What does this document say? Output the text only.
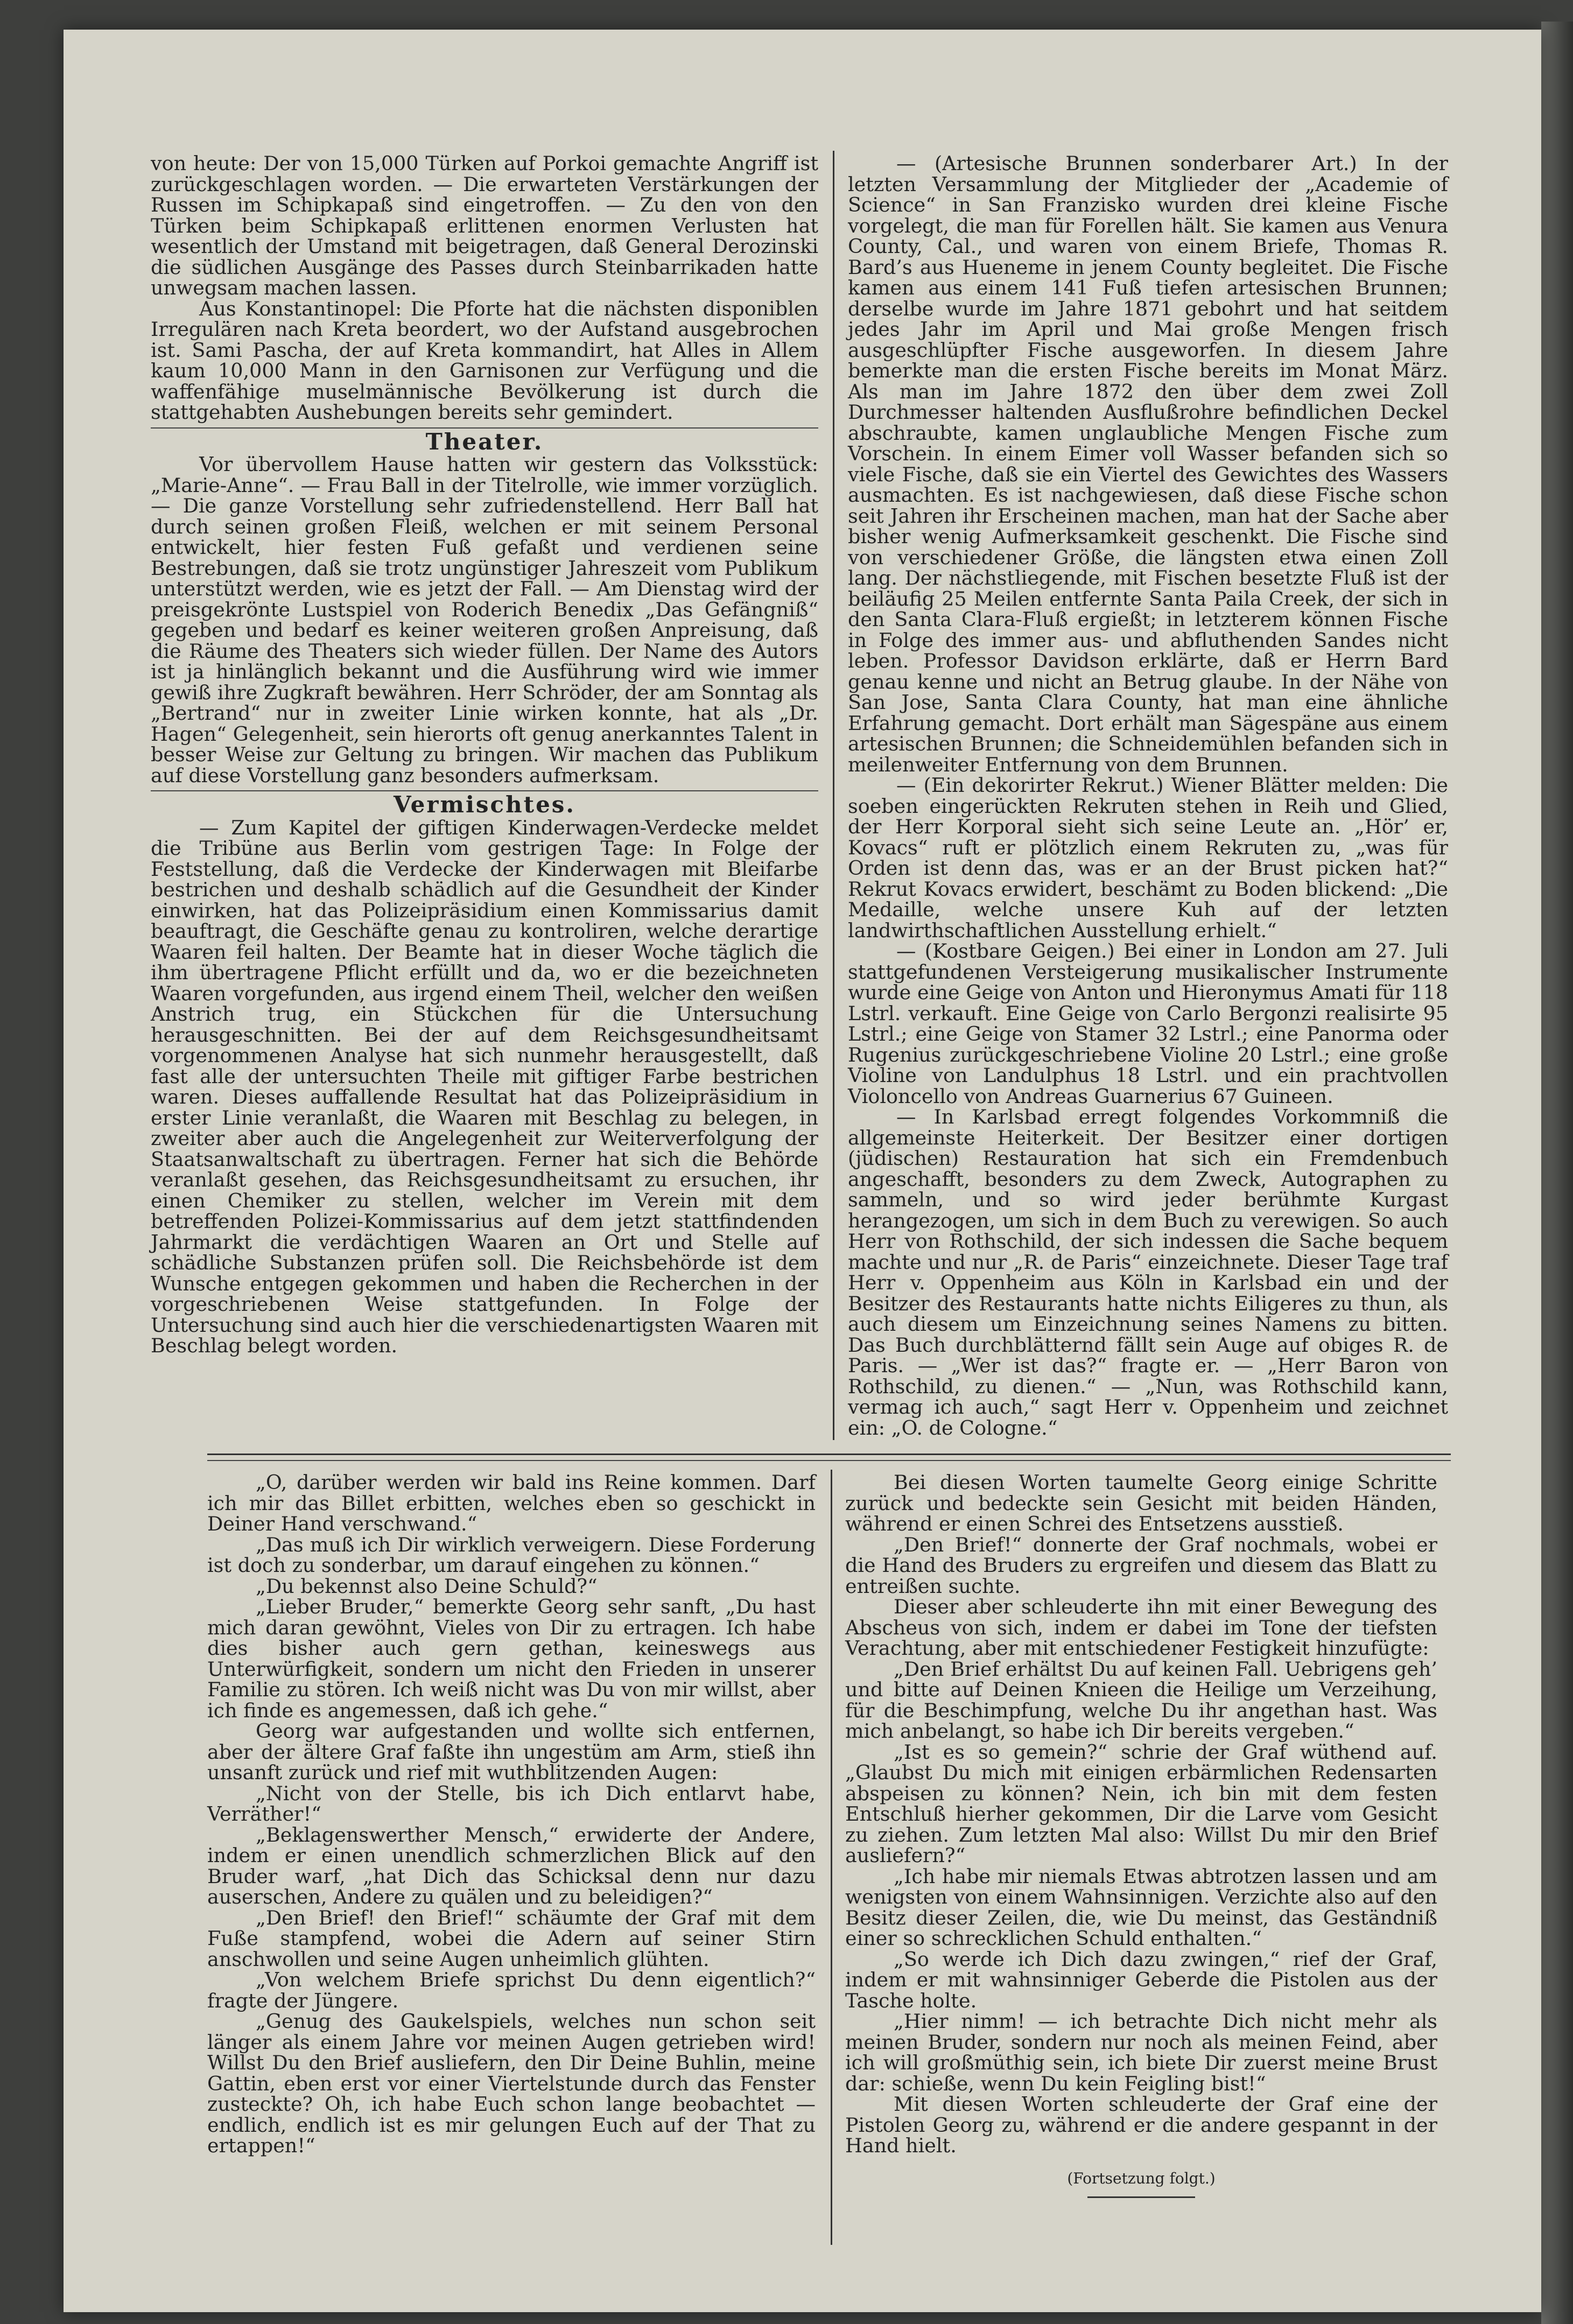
von heute: Der von 15,000 Türken auf Porkoi gemachte Angriff ist zurückgeschlagen worden. — Die erwarteten Verstärkungen der Russen im Schipkapaß sind eingetroffen. — Zu den von den Türken beim Schipkapaß erlittenen enormen Verlusten hat wesentlich der Umstand mit beigetragen, daß General Derozinski die südlichen Ausgänge des Passes durch Steinbarrikaden hatte unwegsam machen lassen.

Aus Konstantinopel: Die Pforte hat die nächsten disponiblen Irregulären nach Kreta beordert, wo der Aufstand ausgebrochen ist. Sami Pascha, der auf Kreta kommandirt, hat Alles in Allem kaum 10,000 Mann in den Garnisonen zur Verfügung und die waffenfähige muselmännische Bevölkerung ist durch die stattgehabten Aushebungen bereits sehr gemindert.

Theater.

Vor übervollem Hause hatten wir gestern das Volksstück: „Marie-Anne“. — Frau Ball in der Titelrolle, wie immer vorzüglich. — Die ganze Vorstellung sehr zufriedenstellend. Herr Ball hat durch seinen großen Fleiß, welchen er mit seinem Personal entwickelt, hier festen Fuß gefaßt und verdienen seine Bestrebungen, daß sie trotz ungünstiger Jahreszeit vom Publikum unterstützt werden, wie es jetzt der Fall. — Am Dienstag wird der preisgekrönte Lustspiel von Roderich Benedix „Das Gefängniß“ gegeben und bedarf es keiner weiteren großen Anpreisung, daß die Räume des Theaters sich wieder füllen. Der Name des Autors ist ja hinlänglich bekannt und die Ausführung wird wie immer gewiß ihre Zugkraft bewähren. Herr Schröder, der am Sonntag als „Bertrand“ nur in zweiter Linie wirken konnte, hat als „Dr. Hagen“ Gelegenheit, sein hierorts oft genug anerkanntes Talent in besser Weise zur Geltung zu bringen. Wir machen das Publikum auf diese Vorstellung ganz besonders aufmerksam.

Vermischtes.

— Zum Kapitel der giftigen Kinderwagen-Verdecke meldet die Tribüne aus Berlin vom gestrigen Tage: In Folge der Feststellung, daß die Verdecke der Kinderwagen mit Bleifarbe bestrichen und deshalb schädlich auf die Gesundheit der Kinder einwirken, hat das Polizeipräsidium einen Kommissarius damit beauftragt, die Geschäfte genau zu kontroliren, welche derartige Waaren feil halten. Der Beamte hat in dieser Woche täglich die ihm übertragene Pflicht erfüllt und da, wo er die bezeichneten Waaren vorgefunden, aus irgend einem Theil, welcher den weißen Anstrich trug, ein Stückchen für die Untersuchung herausgeschnitten. Bei der auf dem Reichsgesundheitsamt vorgenommenen Analyse hat sich nunmehr herausgestellt, daß fast alle der untersuchten Theile mit giftiger Farbe bestrichen waren. Dieses auffallende Resultat hat das Polizeipräsidium in erster Linie veranlaßt, die Waaren mit Beschlag zu belegen, in zweiter aber auch die Angelegenheit zur Weiterverfolgung der Staatsanwaltschaft zu übertragen. Ferner hat sich die Behörde veranlaßt gesehen, das Reichsgesundheitsamt zu ersuchen, ihr einen Chemiker zu stellen, welcher im Verein mit dem betreffenden Polizei-Kommissarius auf dem jetzt stattfindenden Jahrmarkt die verdächtigen Waaren an Ort und Stelle auf schädliche Substanzen prüfen soll. Die Reichsbehörde ist dem Wunsche entgegen gekommen und haben die Recherchen in der vorgeschriebenen Weise stattgefunden. In Folge der Untersuchung sind auch hier die verschiedenartigsten Waaren mit Beschlag belegt worden.

— (Artesische Brunnen sonderbarer Art.) In der letzten Versammlung der Mitglieder der „Academie of Science“ in San Franzisko wurden drei kleine Fische vorgelegt, die man für Forellen hält. Sie kamen aus Venura County, Cal., und waren von einem Briefe, Thomas R. Bard’s aus Hueneme in jenem County begleitet. Die Fische kamen aus einem 141 Fuß tiefen artesischen Brunnen; derselbe wurde im Jahre 1871 gebohrt und hat seitdem jedes Jahr im April und Mai große Mengen frisch ausgeschlüpfter Fische ausgeworfen. In diesem Jahre bemerkte man die ersten Fische bereits im Monat März. Als man im Jahre 1872 den über dem zwei Zoll Durchmesser haltenden Ausflußrohre befindlichen Deckel abschraubte, kamen unglaubliche Mengen Fische zum Vorschein. In einem Eimer voll Wasser befanden sich so viele Fische, daß sie ein Viertel des Gewichtes des Wassers ausmachten. Es ist nachgewiesen, daß diese Fische schon seit Jahren ihr Erscheinen machen, man hat der Sache aber bisher wenig Aufmerksamkeit geschenkt. Die Fische sind von verschiedener Größe, die längsten etwa einen Zoll lang. Der nächstliegende, mit Fischen besetzte Fluß ist der beiläufig 25 Meilen entfernte Santa Paila Creek, der sich in den Santa Clara-Fluß ergießt; in letzterem können Fische in Folge des immer aus- und abfluthenden Sandes nicht leben. Professor Davidson erklärte, daß er Herrn Bard genau kenne und nicht an Betrug glaube. In der Nähe von San Jose, Santa Clara County, hat man eine ähnliche Erfahrung gemacht. Dort erhält man Sägespäne aus einem artesischen Brunnen; die Schneidemühlen befanden sich in meilenweiter Entfernung von dem Brunnen.

— (Ein dekorirter Rekrut.) Wiener Blätter melden: Die soeben eingerückten Rekruten stehen in Reih und Glied, der Herr Korporal sieht sich seine Leute an. „Hör’ er, Kovacs“ ruft er plötzlich einem Rekruten zu, „was für Orden ist denn das, was er an der Brust picken hat?“ Rekrut Kovacs erwidert, beschämt zu Boden blickend: „Die Medaille, welche unsere Kuh auf der letzten landwirthschaftlichen Ausstellung erhielt.“

— (Kostbare Geigen.) Bei einer in London am 27. Juli stattgefundenen Versteigerung musikalischer Instrumente wurde eine Geige von Anton und Hieronymus Amati für 118 Lstrl. verkauft. Eine Geige von Carlo Bergonzi realisirte 95 Lstrl.; eine Geige von Stamer 32 Lstrl.; eine Panorma oder Rugenius zurückgeschriebene Violine 20 Lstrl.; eine große Violine von Landulphus 18 Lstrl. und ein prachtvollen Violoncello von Andreas Guarnerius 67 Guineen.

— In Karlsbad erregt folgendes Vorkommniß die allgemeinste Heiterkeit. Der Besitzer einer dortigen (jüdischen) Restauration hat sich ein Fremdenbuch angeschafft, besonders zu dem Zweck, Autographen zu sammeln, und so wird jeder berühmte Kurgast herangezogen, um sich in dem Buch zu verewigen. So auch Herr von Rothschild, der sich indessen die Sache bequem machte und nur „R. de Paris“ einzeichnete. Dieser Tage traf Herr v. Oppenheim aus Köln in Karlsbad ein und der Besitzer des Restaurants hatte nichts Eiligeres zu thun, als auch diesem um Einzeichnung seines Namens zu bitten. Das Buch durchblätternd fällt sein Auge auf obiges R. de Paris. — „Wer ist das?“ fragte er. — „Herr Baron von Rothschild, zu dienen.“ — „Nun, was Rothschild kann, vermag ich auch,“ sagt Herr v. Oppenheim und zeichnet ein: „O. de Cologne.“

„O, darüber werden wir bald ins Reine kommen. Darf ich mir das Billet erbitten, welches eben so geschickt in Deiner Hand verschwand.“

„Das muß ich Dir wirklich verweigern. Diese Forderung ist doch zu sonderbar, um darauf eingehen zu können.“

„Du bekennst also Deine Schuld?“

„Lieber Bruder,“ bemerkte Georg sehr sanft, „Du hast mich daran gewöhnt, Vieles von Dir zu ertragen. Ich habe dies bisher auch gern gethan, keineswegs aus Unterwürfigkeit, sondern um nicht den Frieden in unserer Familie zu stören. Ich weiß nicht was Du von mir willst, aber ich finde es angemessen, daß ich gehe.“

Georg war aufgestanden und wollte sich entfernen, aber der ältere Graf faßte ihn ungestüm am Arm, stieß ihn unsanft zurück und rief mit wuthblitzenden Augen:

„Nicht von der Stelle, bis ich Dich entlarvt habe, Verräther!“

„Beklagenswerther Mensch,“ erwiderte der Andere, indem er einen unendlich schmerzlichen Blick auf den Bruder warf, „hat Dich das Schicksal denn nur dazu auserschen, Andere zu quälen und zu beleidigen?“

„Den Brief! den Brief!“ schäumte der Graf mit dem Fuße stampfend, wobei die Adern auf seiner Stirn anschwollen und seine Augen unheimlich glühten.

„Von welchem Briefe sprichst Du denn eigentlich?“ fragte der Jüngere.

„Genug des Gaukelspiels, welches nun schon seit länger als einem Jahre vor meinen Augen getrieben wird! Willst Du den Brief ausliefern, den Dir Deine Buhlin, meine Gattin, eben erst vor einer Viertelstunde durch das Fenster zusteckte? Oh, ich habe Euch schon lange beobachtet — endlich, endlich ist es mir gelungen Euch auf der That zu ertappen!“

Bei diesen Worten taumelte Georg einige Schritte zurück und bedeckte sein Gesicht mit beiden Händen, während er einen Schrei des Entsetzens ausstieß.

„Den Brief!“ donnerte der Graf nochmals, wobei er die Hand des Bruders zu ergreifen und diesem das Blatt zu entreißen suchte.

Dieser aber schleuderte ihn mit einer Bewegung des Abscheus von sich, indem er dabei im Tone der tiefsten Verachtung, aber mit entschiedener Festigkeit hinzufügte:

„Den Brief erhältst Du auf keinen Fall. Uebrigens geh’ und bitte auf Deinen Knieen die Heilige um Verzeihung, für die Beschimpfung, welche Du ihr angethan hast. Was mich anbelangt, so habe ich Dir bereits vergeben.“

„Ist es so gemein?“ schrie der Graf wüthend auf. „Glaubst Du mich mit einigen erbärmlichen Redensarten abspeisen zu können? Nein, ich bin mit dem festen Entschluß hierher gekommen, Dir die Larve vom Gesicht zu ziehen. Zum letzten Mal also: Willst Du mir den Brief ausliefern?“

„Ich habe mir niemals Etwas abtrotzen lassen und am wenigsten von einem Wahnsinnigen. Verzichte also auf den Besitz dieser Zeilen, die, wie Du meinst, das Geständniß einer so schrecklichen Schuld enthalten.“

„So werde ich Dich dazu zwingen,“ rief der Graf, indem er mit wahnsinniger Geberde die Pistolen aus der Tasche holte.

„Hier nimm! — ich betrachte Dich nicht mehr als meinen Bruder, sondern nur noch als meinen Feind, aber ich will großmüthig sein, ich biete Dir zuerst meine Brust dar: schieße, wenn Du kein Feigling bist!“

Mit diesen Worten schleuderte der Graf eine der Pistolen Georg zu, während er die andere gespannt in der Hand hielt.

(Fortsetzung folgt.)
